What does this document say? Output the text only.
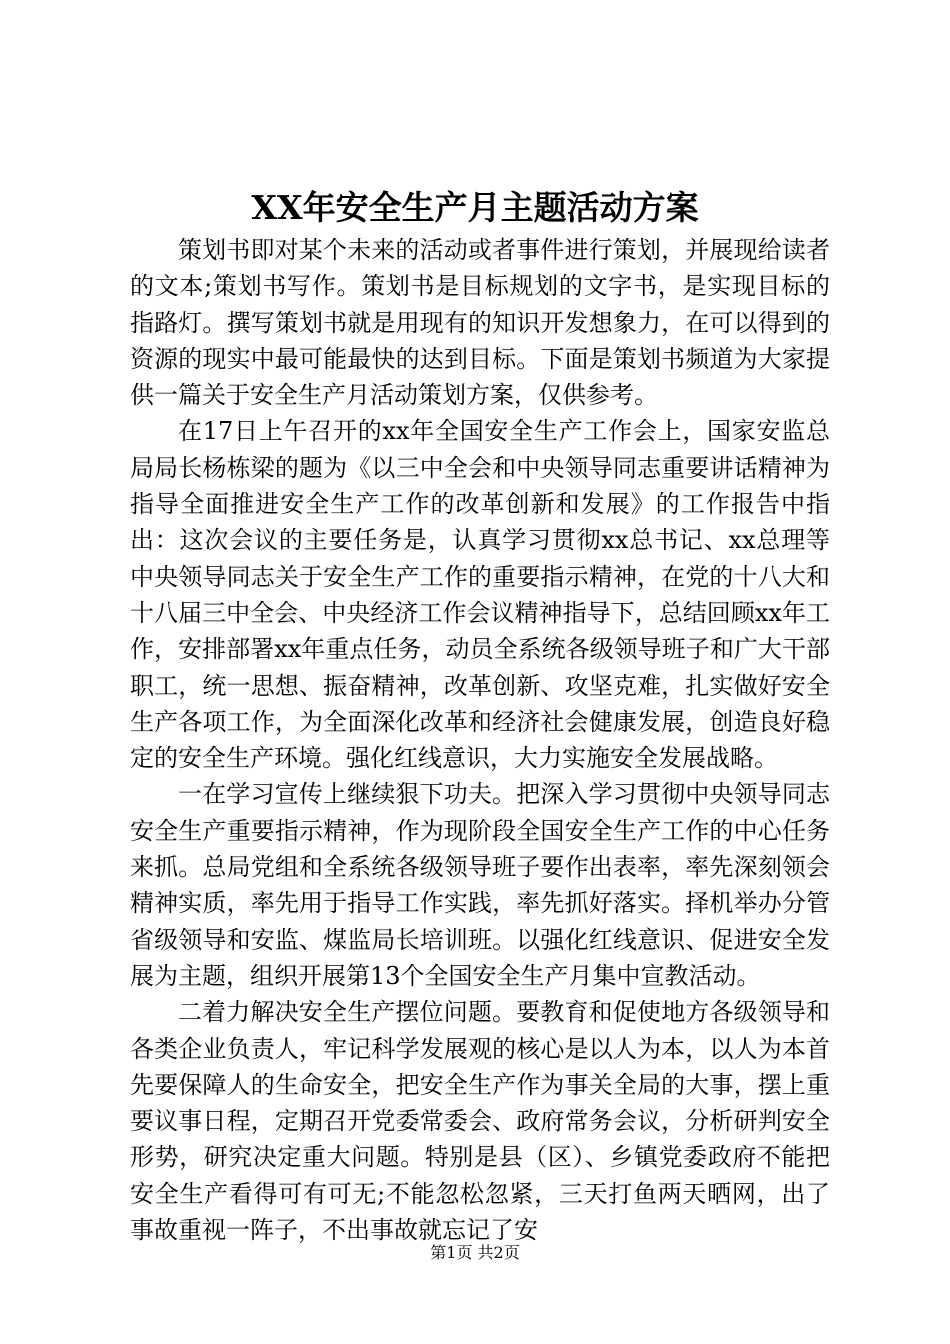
XX年安全生产月主题活动方案

策划书即对某个未来的活动或者事件进行策划，并展现给读者的文本;策划书写作。策划书是目标规划的文字书，是实现目标的指路灯。撰写策划书就是用现有的知识开发想象力，在可以得到的资源的现实中最可能最快的达到目标。下面是策划书频道为大家提供一篇关于安全生产月活动策划方案，仅供参考。

在17日上午召开的xx年全国安全生产工作会上，国家安监总局局长杨栋梁的题为《以三中全会和中央领导同志重要讲话精神为指导全面推进安全生产工作的改革创新和发展》的工作报告中指出：这次会议的主要任务是，认真学习贯彻xx总书记、xx总理等中央领导同志关于安全生产工作的重要指示精神，在党的十八大和十八届三中全会、中央经济工作会议精神指导下，总结回顾xx年工作，安排部署xx年重点任务，动员全系统各级领导班子和广大干部职工，统一思想、振奋精神，改革创新、攻坚克难，扎实做好安全生产各项工作，为全面深化改革和经济社会健康发展，创造良好稳定的安全生产环境。强化红线意识，大力实施安全发展战略。

一在学习宣传上继续狠下功夫。把深入学习贯彻中央领导同志安全生产重要指示精神，作为现阶段全国安全生产工作的中心任务来抓。总局党组和全系统各级领导班子要作出表率，率先深刻领会精神实质，率先用于指导工作实践，率先抓好落实。择机举办分管省级领导和安监、煤监局长培训班。以强化红线意识、促进安全发展为主题，组织开展第13个全国安全生产月集中宣教活动。

二着力解决安全生产摆位问题。要教育和促使地方各级领导和各类企业负责人，牢记科学发展观的核心是以人为本，以人为本首先要保障人的生命安全，把安全生产作为事关全局的大事，摆上重要议事日程，定期召开党委常委会、政府常务会议，分析研判安全形势，研究决定重大问题。特别是县（区）、乡镇党委政府不能把安全生产看得可有可无;不能忽松忽紧，三天打鱼两天晒网，出了事故重视一阵子，不出事故就忘记了安

第1页 共2页
